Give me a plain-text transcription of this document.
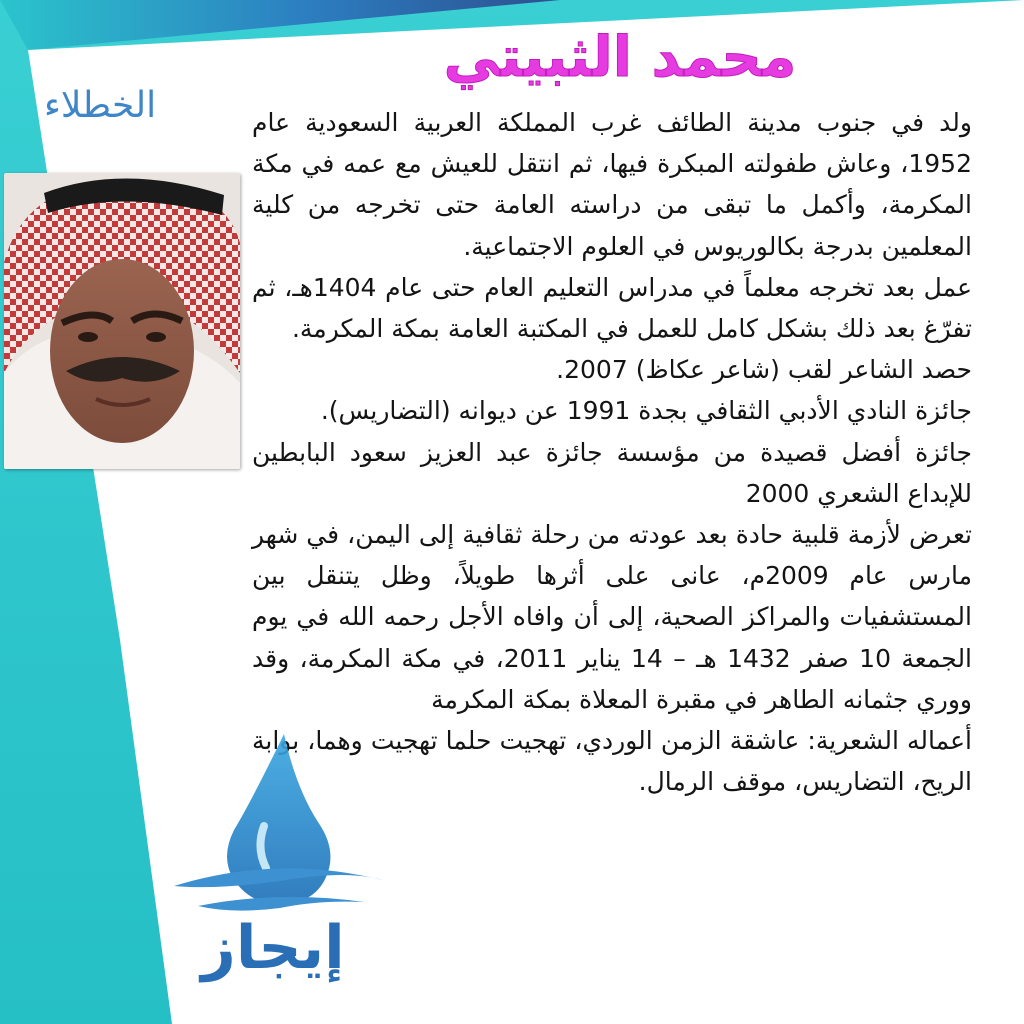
محمد الثبيتي
الخطلاء	ولد في جنوب مدينة الطائف غرب المملكة العربية السعودية عام 1952، وعاش طفولته المبكرة فيها، ثم انتقل للعيش مع عمه في مكة المكرمة، وأكمل ما تبقى من دراسته العامة حتى تخرجه من كلية المعلمين بدرجة بكالوريوس في العلوم الاجتماعية.

عمل بعد تخرجه معلماً في مدراس التعليم العام حتى عام 1404هـ، ثم تفرّغ بعد ذلك بشكل كامل للعمل في المكتبة العامة بمكة المكرمة.

حصد الشاعر لقب (شاعر عكاظ) 2007.

جائزة النادي الأدبي الثقافي بجدة 1991 عن ديوانه (التضاريس).

جائزة أفضل قصيدة من مؤسسة جائزة عبد العزيز سعود البابطين للإبداع الشعري 2000

تعرض لأزمة قلبية حادة بعد عودته من رحلة ثقافية إلى اليمن، في شهر مارس عام 2009م، عانى على أثرها طويلاً، وظل يتنقل بين المستشفيات والمراكز الصحية، إلى أن وافاه الأجل رحمه الله في يوم الجمعة 10 صفر 1432 هـ – 14 يناير 2011، في مكة المكرمة، وقد ووري جثمانه الطاهر في مقبرة المعلاة بمكة المكرمة

أعماله الشعرية: عاشقة الزمن الوردي، تهجيت حلما تهجيت وهما، بوابة الريح، التضاريس، موقف الرمال.

إيجاز
